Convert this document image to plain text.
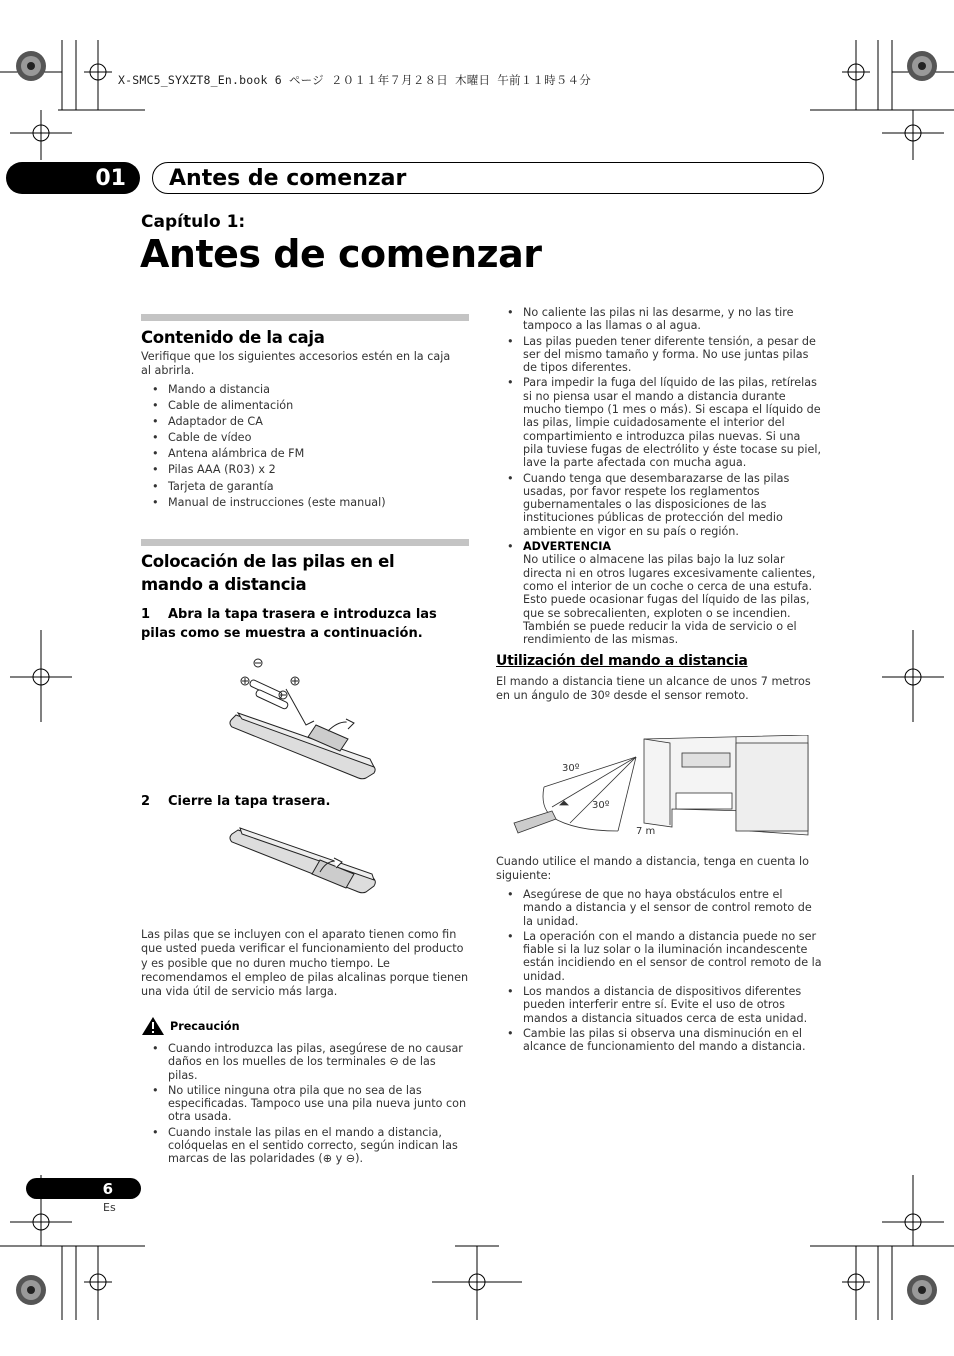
X-SMC5_SYXZT8_En.book 6 ページ ２０１１年７月２８日 木曜日 午前１１時５４分
01 Antes de comenzar
Capítulo 1:
Antes de comenzar
Contenido de la caja
Verifique que los siguientes accesorios estén en la caja al abrirla.
• Mando a distancia
• Cable de alimentación
• Adaptador de CA
• Cable de vídeo
• Antena alámbrica de FM
• Pilas AAA (R03) x 2
• Tarjeta de garantía
• Manual de instrucciones (este manual)
Colocación de las pilas en el mando a distancia
1 Abra la tapa trasera e introduzca las pilas como se muestra a continuación.
2 Cierre la tapa trasera.
Las pilas que se incluyen con el aparato tienen como fin que usted pueda verificar el funcionamiento del producto y es posible que no duren mucho tiempo. Le recomendamos el empleo de pilas alcalinas porque tienen una vida útil de servicio más larga.
Precaución
• Cuando introduzca las pilas, asegúrese de no causar daños en los muelles de los terminales ⊖ de las pilas.
• No utilice ninguna otra pila que no sea de las especificadas. Tampoco use una pila nueva junto con otra usada.
• Cuando instale las pilas en el mando a distancia, colóquelas en el sentido correcto, según indican las marcas de las polaridades (⊕ y ⊖).
• No caliente las pilas ni las desarme, y no las tire tampoco a las llamas o al agua.
• Las pilas pueden tener diferente tensión, a pesar de ser del mismo tamaño y forma. No use juntas pilas de tipos diferentes.
• Para impedir la fuga del líquido de las pilas, retírelas si no piensa usar el mando a distancia durante mucho tiempo (1 mes o más). Si escapa el líquido de las pilas, limpie cuidadosamente el interior del compartimiento e introduzca pilas nuevas. Si una pila tuviese fugas de electrólito y éste tocase su piel, lave la parte afectada con mucha agua.
• Cuando tenga que desembarazarse de las pilas usadas, por favor respete los reglamentos gubernamentales o las disposiciones de las instituciones públicas de protección del medio ambiente en vigor en su país o región.
• ADVERTENCIA
No utilice o almacene las pilas bajo la luz solar directa ni en otros lugares excesivamente calientes, como el interior de un coche o cerca de una estufa. Esto puede ocasionar fugas del líquido de las pilas, que se sobrecalienten, exploten o se incendien. También se puede reducir la vida de servicio o el rendimiento de las mismas.
Utilización del mando a distancia
El mando a distancia tiene un alcance de unos 7 metros en un ángulo de 30º desde el sensor remoto.
30º
30º
7 m
Cuando utilice el mando a distancia, tenga en cuenta lo siguiente:
• Asegúrese de que no haya obstáculos entre el mando a distancia y el sensor de control remoto de la unidad.
• La operación con el mando a distancia puede no ser fiable si la luz solar o la iluminación incandescente están incidiendo en el sensor de control remoto de la unidad.
• Los mandos a distancia de dispositivos diferentes pueden interferir entre sí. Evite el uso de otros mandos a distancia situados cerca de esta unidad.
• Cambie las pilas si observa una disminución en el alcance de funcionamiento del mando a distancia.
6
Es
